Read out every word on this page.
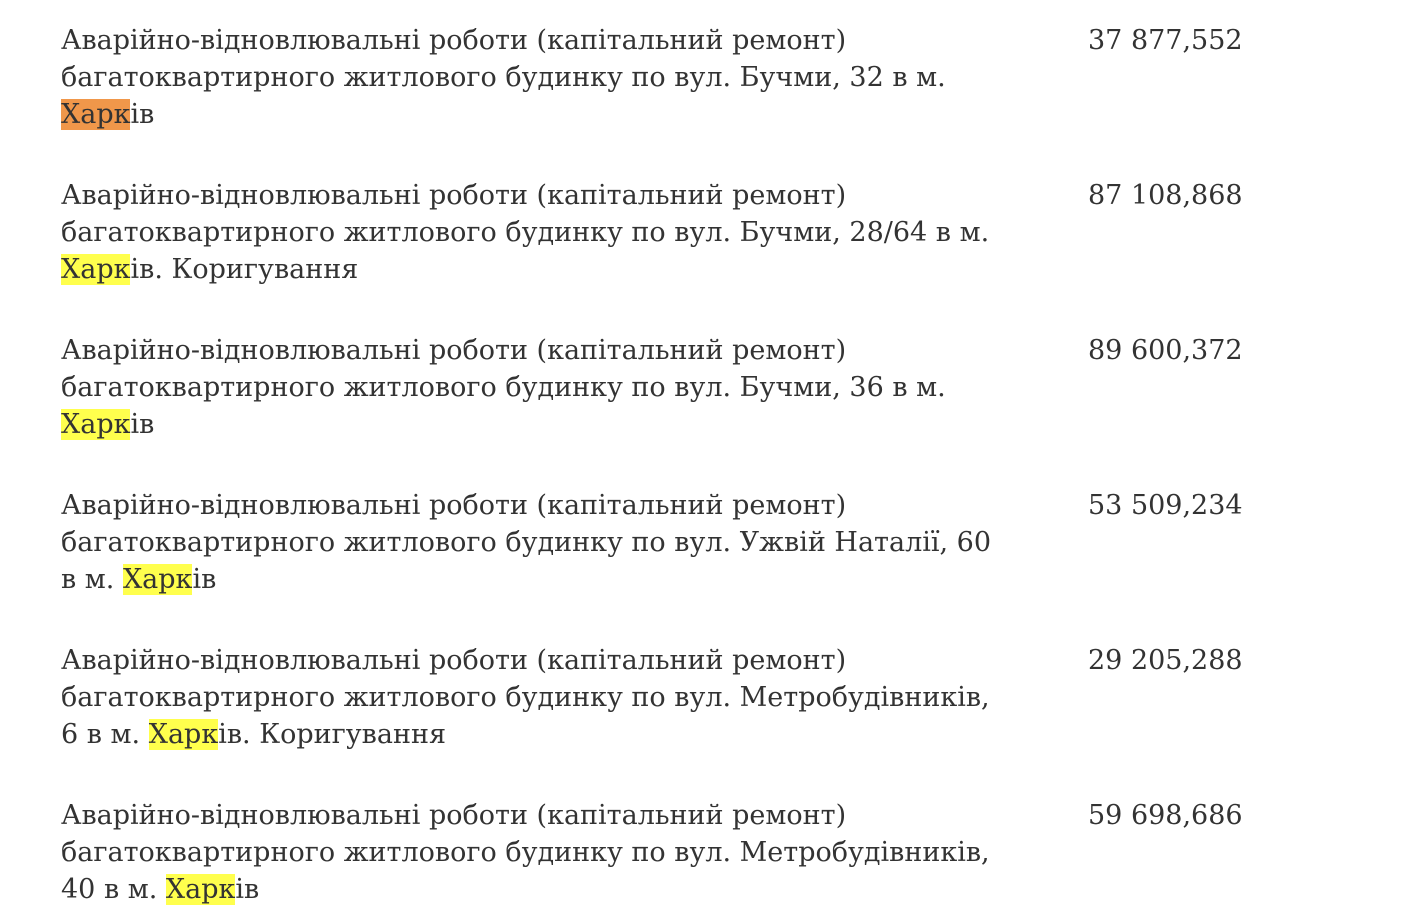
Аварійно-відновлювальні роботи (капітальний ремонт)
багатоквартирного житлового будинку по вул. Бучми, 32 в м.
Харків
37 877,552
Аварійно-відновлювальні роботи (капітальний ремонт)
багатоквартирного житлового будинку по вул. Бучми, 28/64 в м.
Харків. Коригування
87 108,868
Аварійно-відновлювальні роботи (капітальний ремонт)
багатоквартирного житлового будинку по вул. Бучми, 36 в м.
Харків
89 600,372
Аварійно-відновлювальні роботи (капітальний ремонт)
багатоквартирного житлового будинку по вул. Ужвій Наталії, 60
в м. Харків
53 509,234
Аварійно-відновлювальні роботи (капітальний ремонт)
багатоквартирного житлового будинку по вул. Метробудівників,
6 в м. Харків. Коригування
29 205,288
Аварійно-відновлювальні роботи (капітальний ремонт)
багатоквартирного житлового будинку по вул. Метробудівників,
40 в м. Харків
59 698,686
